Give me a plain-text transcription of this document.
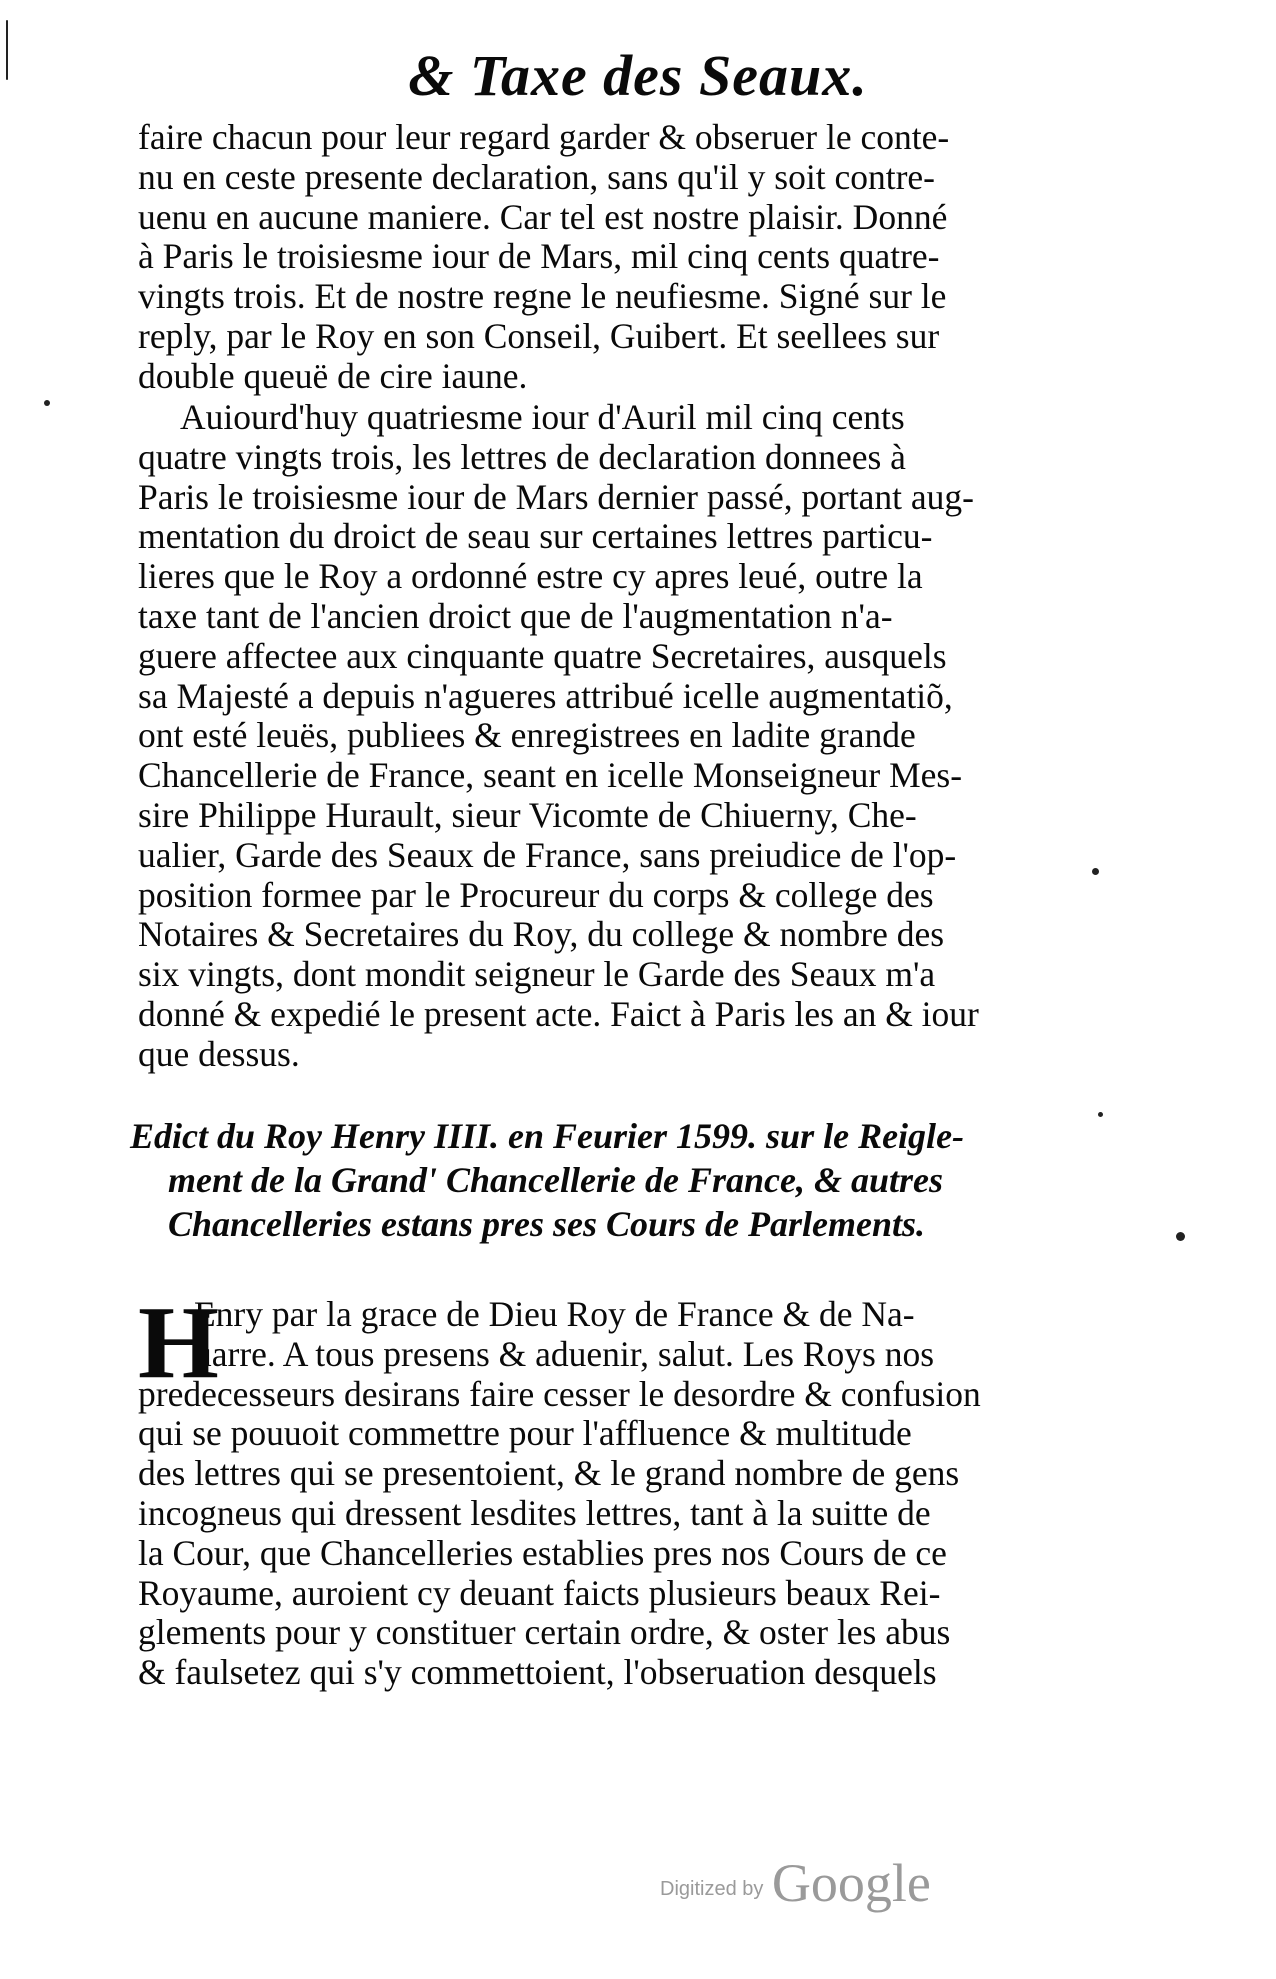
& Taxe des Seaux.
faire chacun pour leur regard garder & obseruer le conte-
nu en ceste presente declaration, sans qu'il y soit contre-
uenu en aucune maniere. Car tel est nostre plaisir. Donné
à Paris le troisiesme iour de Mars, mil cinq cents quatre-
vingts trois. Et de nostre regne le neufiesme. Signé sur le
reply, par le Roy en son Conseil, Guibert. Et seellees sur
double queuë de cire iaune.
Auiourd'huy quatriesme iour d'Auril mil cinq cents
quatre vingts trois, les lettres de declaration donnees à
Paris le troisiesme iour de Mars dernier passé, portant aug-
mentation du droict de seau sur certaines lettres particu-
lieres que le Roy a ordonné estre cy apres leué, outre la
taxe tant de l'ancien droict que de l'augmentation n'a-
guere affectee aux cinquante quatre Secretaires, ausquels
sa Majesté a depuis n'agueres attribué icelle augmentatiõ,
ont esté leuës, publiees & enregistrees en ladite grande
Chancellerie de France, seant en icelle Monseigneur Mes-
sire Philippe Hurault, sieur Vicomte de Chiuerny, Che-
ualier, Garde des Seaux de France, sans preiudice de l'op-
position formee par le Procureur du corps & college des
Notaires & Secretaires du Roy, du college & nombre des
six vingts, dont mondit seigneur le Garde des Seaux m'a
donné & expedié le present acte. Faict à Paris les an & iour
que dessus.
Edict du Roy Henry IIII. en Feurier 1599. sur le Reigle-
ment de la Grand' Chancellerie de France, & autres
Chancelleries estans pres ses Cours de Parlements.
H
Enry par la grace de Dieu Roy de France & de Na-
uarre. A tous presens & aduenir, salut. Les Roys nos
predecesseurs desirans faire cesser le desordre & confusion
qui se pouuoit commettre pour l'affluence & multitude
des lettres qui se presentoient, & le grand nombre de gens
incogneus qui dressent lesdites lettres, tant à la suitte de
la Cour, que Chancelleries establies pres nos Cours de ce
Royaume, auroient cy deuant faicts plusieurs beaux Rei-
glements pour y constituer certain ordre, & oster les abus
& faulsetez qui s'y commettoient, l'obseruation desquels
Digitized by Google
